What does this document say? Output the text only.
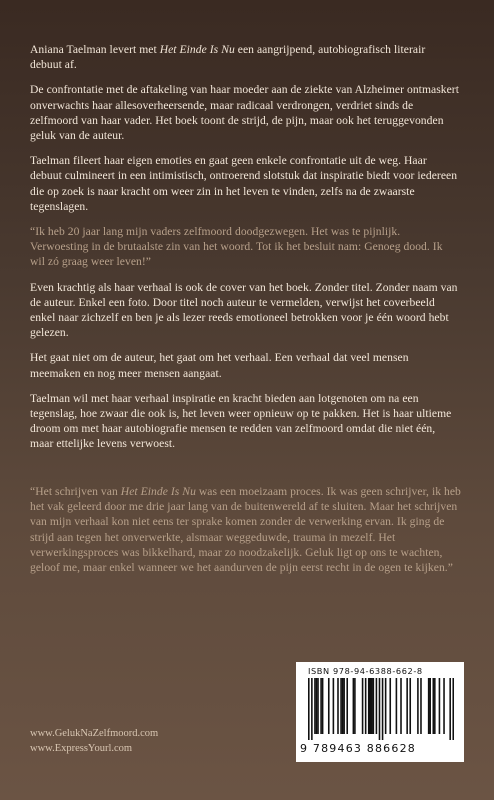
Aniana Taelman levert met Het Einde Is Nu een aangrijpend, autobiografisch literair debuut af.

De confrontatie met de aftakeling van haar moeder aan de ziekte van Alzheimer ontmaskert onverwachts haar allesoverheersende, maar radicaal verdrongen, verdriet sinds de zelfmoord van haar vader. Het boek toont de strijd, de pijn, maar ook het teruggevonden geluk van de auteur.

Taelman fileert haar eigen emoties en gaat geen enkele confrontatie uit de weg. Haar debuut culmineert in een intimistisch, ontroerend slotstuk dat inspiratie biedt voor iedereen die op zoek is naar kracht om weer zin in het leven te vinden, zelfs na de zwaarste tegenslagen.

“Ik heb 20 jaar lang mijn vaders zelfmoord doodgezwegen. Het was te pijnlijk. Verwoesting in de brutaalste zin van het woord. Tot ik het besluit nam: Genoeg dood. Ik wil zó graag weer leven!”

Even krachtig als haar verhaal is ook de cover van het boek. Zonder titel. Zonder naam van de auteur. Enkel een foto. Door titel noch auteur te vermelden, verwijst het coverbeeld enkel naar zichzelf en ben je als lezer reeds emotioneel betrokken voor je één woord hebt gelezen.

Het gaat niet om de auteur, het gaat om het verhaal. Een verhaal dat veel mensen meemaken en nog meer mensen aangaat.

Taelman wil met haar verhaal inspiratie en kracht bieden aan lotgenoten om na een tegenslag, hoe zwaar die ook is, het leven weer opnieuw op te pakken. Het is haar ultieme droom om met haar autobiografie mensen te redden van zelfmoord omdat die niet één, maar ettelijke levens verwoest.

“Het schrijven van Het Einde Is Nu was een moeizaam proces. Ik was geen schrijver, ik heb het vak geleerd door me drie jaar lang van de buitenwereld af te sluiten. Maar het schrijven van mijn verhaal kon niet eens ter sprake komen zonder de verwerking ervan. Ik ging de strijd aan tegen het onverwerkte, alsmaar weggeduwde, trauma in mezelf. Het verwerkingsproces was bikkelhard, maar zo noodzakelijk. Geluk ligt op ons te wachten, geloof me, maar enkel wanneer we het aandurven de pijn eerst recht in de ogen te kijken.”

www.GelukNaZelfmoord.com
www.ExpressYourl.com
ISBN 978-94-6388-662-8
9 789463 886628
